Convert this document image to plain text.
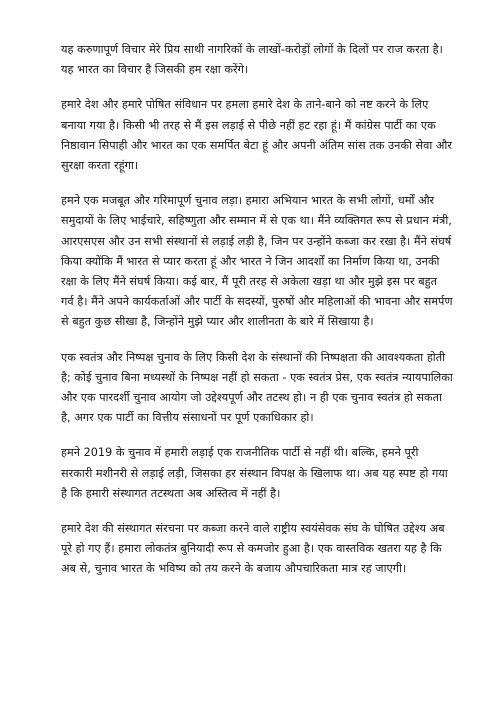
यह करुणापूर्ण विचार मेरे प्रिय साथी नागरिकों के लाखों-करोड़ों लोगों के दिलों पर राज करता है। यह भारत का विचार है जिसकी हम रक्षा करेंगे।

हमारे देश और हमारे पोषित संविधान पर हमला हमारे देश के ताने-बाने को नष्ट करने के लिए बनाया गया है। किसी भी तरह से मैं इस लड़ाई से पीछे नहीं हट रहा हूं। मैं कांग्रेस पार्टी का एक निष्ठावान सिपाही और भारत का एक समर्पित बेटा हूं और अपनी अंतिम सांस तक उनकी सेवा और सुरक्षा करता रहूंगा।

हमने एक मजबूत और गरिमापूर्ण चुनाव लड़ा। हमारा अभियान भारत के सभी लोगों, धर्मों और समुदायों के लिए भाईचारे, सहिष्णुता और सम्मान में से एक था। मैंने व्यक्तिगत रूप से प्रधान मंत्री, आरएसएस और उन सभी संस्थानों से लड़ाई लड़ी है, जिन पर उन्होंने कब्जा कर रखा है। मैंने संघर्ष किया क्योंकि मैं भारत से प्यार करता हूं और भारत ने जिन आदर्शों का निर्माण किया था, उनकी रक्षा के लिए मैंने संघर्ष किया। कई बार, मैं पूरी तरह से अकेला खड़ा था और मुझे इस पर बहुत गर्व है। मैंने अपने कार्यकर्ताओं और पार्टी के सदस्यों, पुरुषों और महिलाओं की भावना और समर्पण से बहुत कुछ सीखा है, जिन्होंने मुझे प्यार और शालीनता के बारे में सिखाया है।

एक स्वतंत्र और निष्पक्ष चुनाव के लिए किसी देश के संस्थानों की निष्पक्षता की आवश्यकता होती है; कोई चुनाव बिना मध्यस्थों के निष्पक्ष नहीं हो सकता - एक स्वतंत्र प्रेस, एक स्वतंत्र न्यायपालिका और एक पारदर्शी चुनाव आयोग जो उद्देश्यपूर्ण और तटस्थ हो। न ही एक चुनाव स्वतंत्र हो सकता है, अगर एक पार्टी का वित्तीय संसाधनों पर पूर्ण एकाधिकार हो।

हमने 2019 के चुनाव में हमारी लड़ाई एक राजनीतिक पार्टी से नहीं थी। बल्कि, हमने पूरी सरकारी मशीनरी से लड़ाई लड़ी, जिसका हर संस्थान विपक्ष के खिलाफ था। अब यह स्पष्ट हो गया है कि हमारी संस्थागत तटस्थता अब अस्तित्व में नहीं है।

हमारे देश की संस्थागत संरचना पर कब्जा करने वाले राष्ट्रीय स्वयंसेवक संघ के घोषित उद्देश्य अब पूरे हो गए हैं। हमारा लोकतंत्र बुनियादी रूप से कमजोर हुआ है। एक वास्तविक खतरा यह है कि अब से, चुनाव भारत के भविष्य को तय करने के बजाय औपचारिकता मात्र रह जाएगी।
